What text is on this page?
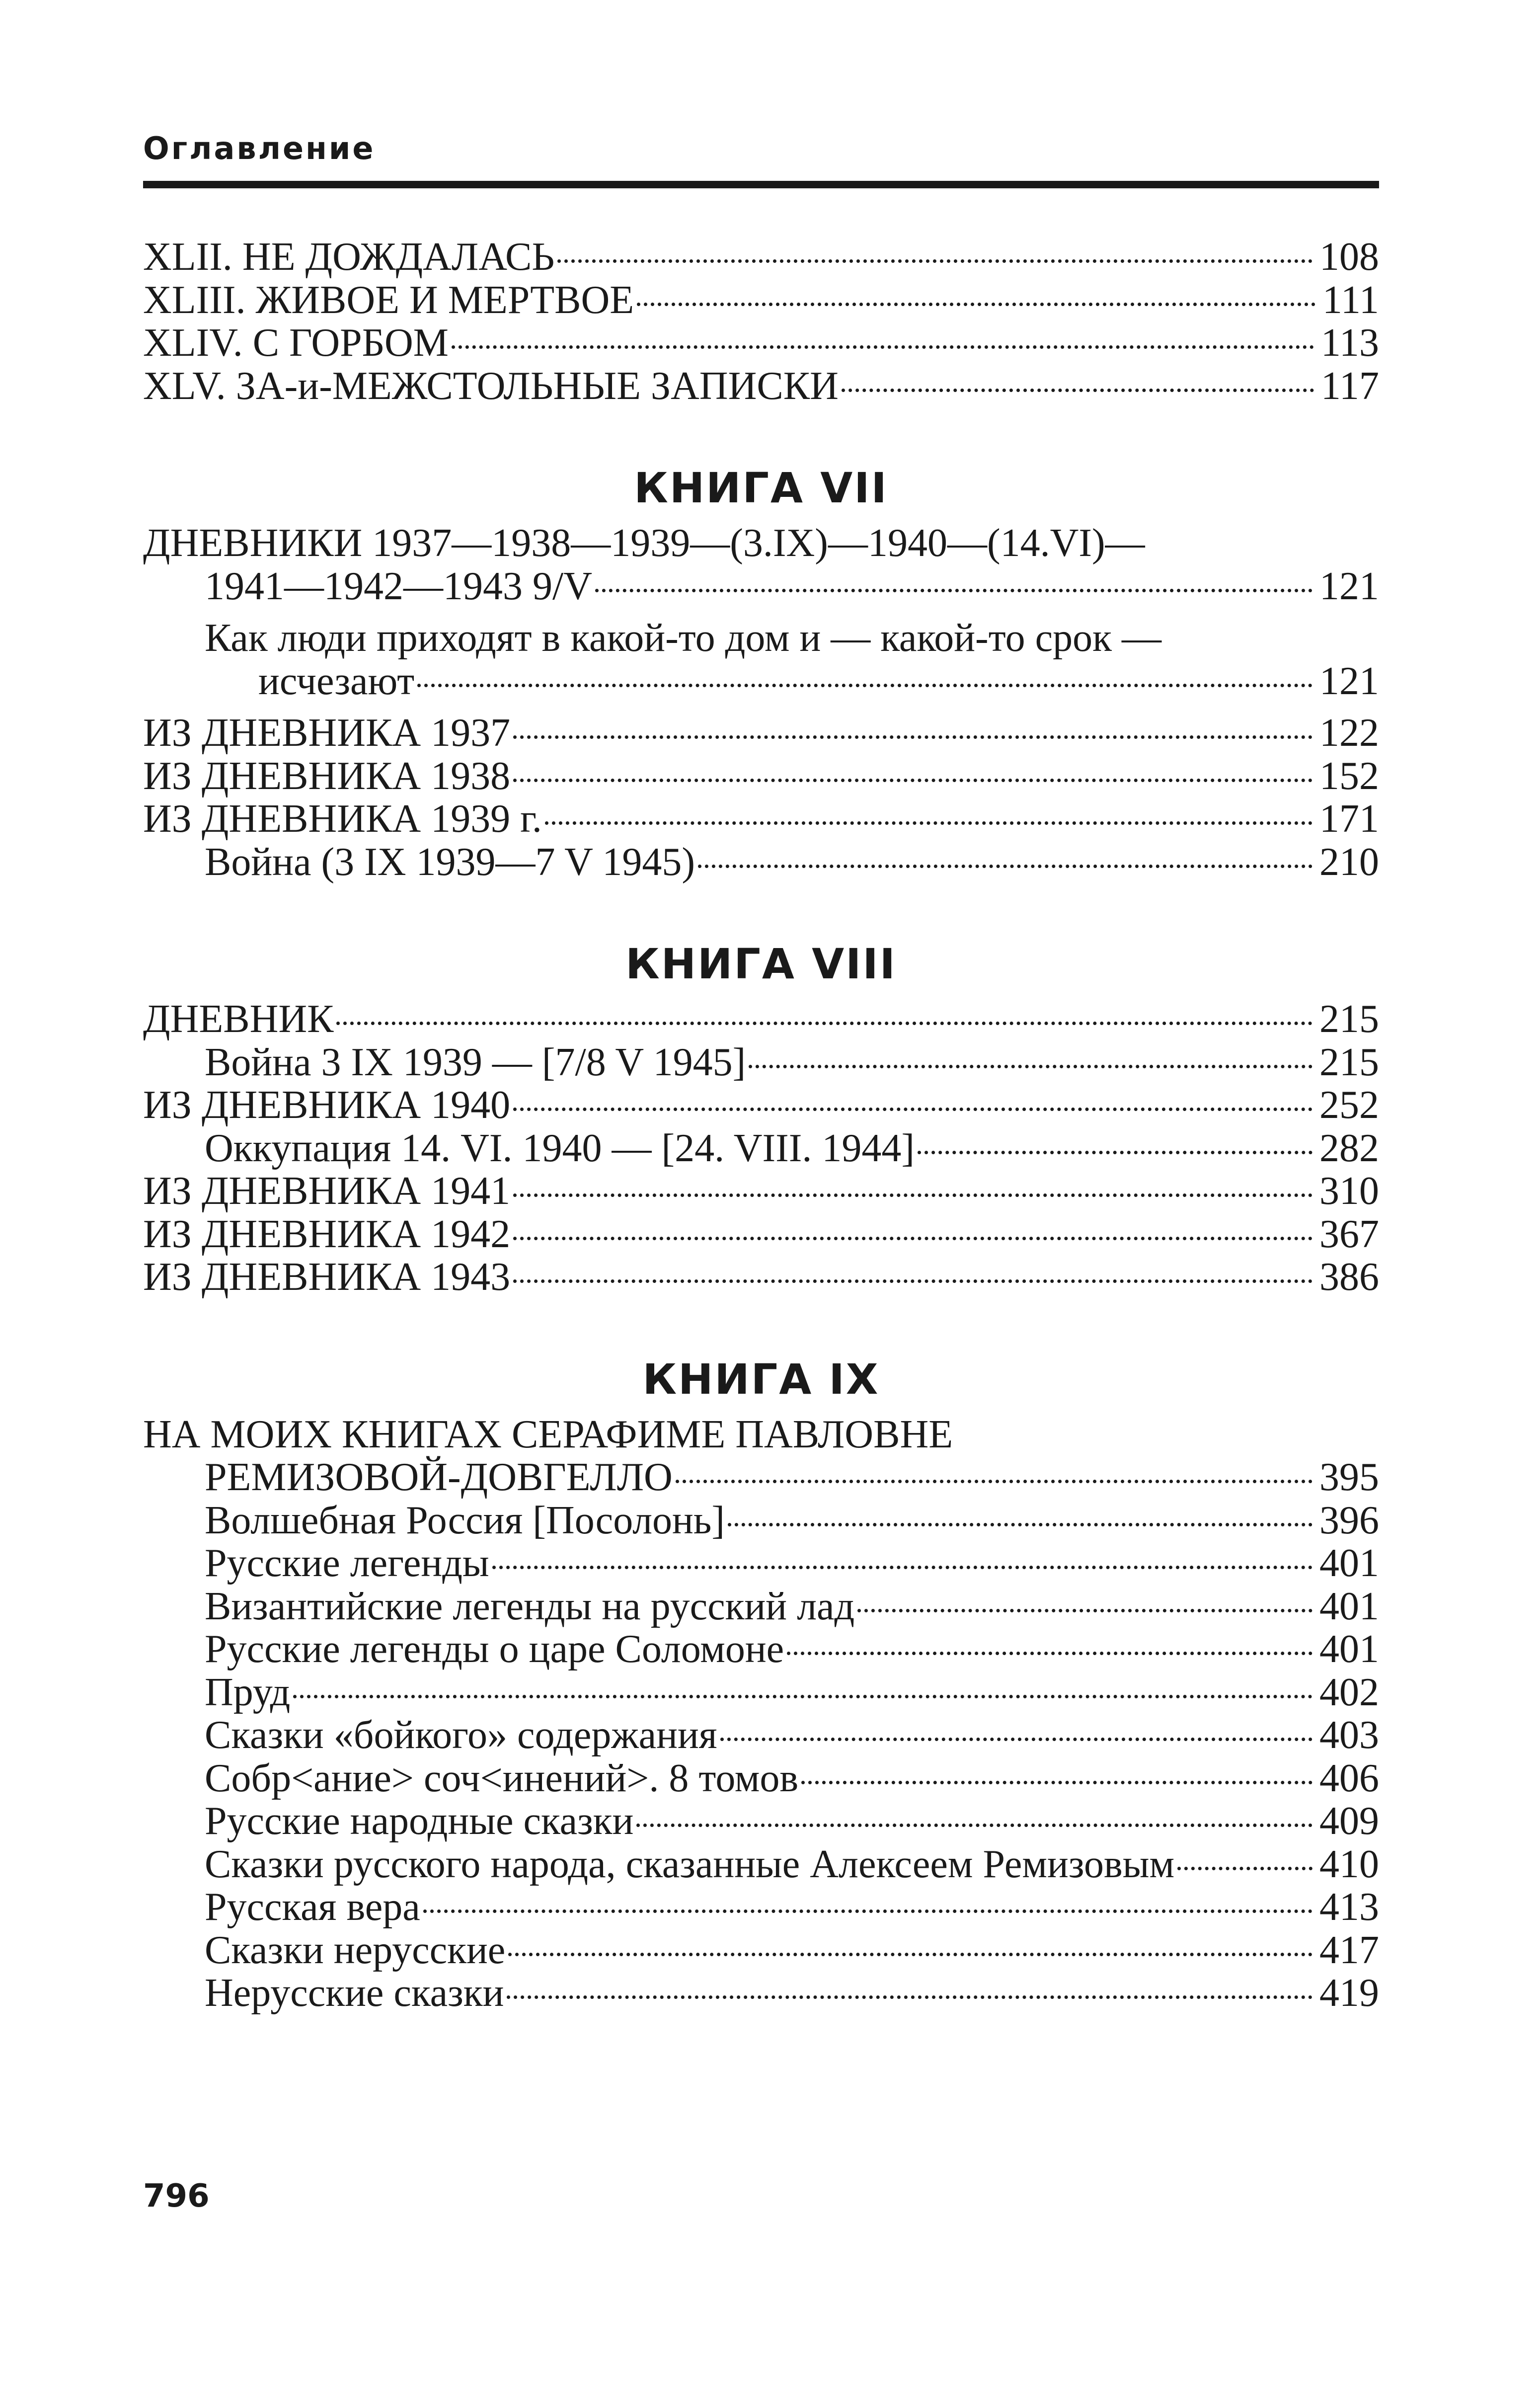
Оглавление
XLII. НЕ ДОЖДАЛАСЬ	108
XLIII. ЖИВОЕ И МЕРТВОЕ	111
XLIV. С ГОРБОМ	113
XLV. ЗА-и-МЕЖСТОЛЬНЫЕ ЗАПИСКИ	117
КНИГА VII
ДНЕВНИКИ 1937—1938—1939—(3.IX)—1940—(14.VI)—
1941—1942—1943 9/V	121
Как люди приходят в какой-то дом и — какой-то срок —
исчезают	121
ИЗ ДНЕВНИКА 1937	122
ИЗ ДНЕВНИКА 1938	152
ИЗ ДНЕВНИКА 1939 г.	171
Война (3 IX 1939—7 V 1945)	210
КНИГА VIII
ДНЕВНИК	215
Война 3 IX 1939 — [7/8 V 1945]	215
ИЗ ДНЕВНИКА 1940	252
Оккупация 14. VI. 1940 — [24. VIII. 1944]	282
ИЗ ДНЕВНИКА 1941	310
ИЗ ДНЕВНИКА 1942	367
ИЗ ДНЕВНИКА 1943	386
КНИГА IX
НА МОИХ КНИГАХ СЕРАФИМЕ ПАВЛОВНЕ
РЕМИЗОВОЙ-ДОВГЕЛЛО	395
Волшебная Россия [Посолонь]	396
Русские легенды	401
Византийские легенды на русский лад	401
Русские легенды о царе Соломоне	401
Пруд	402
Сказки «бойкого» содержания	403
Собр<ание> соч<инений>. 8 томов	406
Русские народные сказки	409
Сказки русского народа, сказанные Алексеем Ремизовым	410
Русская вера	413
Сказки нерусские	417
Нерусские сказки	419
796
